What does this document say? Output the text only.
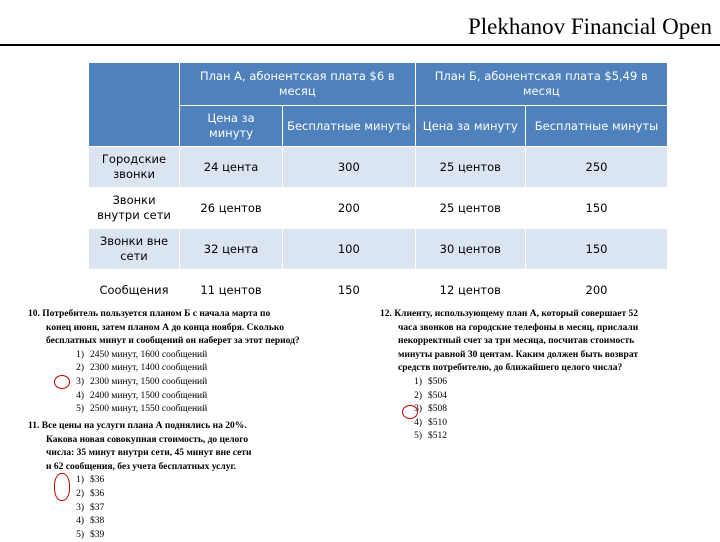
Plekhanov Financial Open
	План А, абонентская плата $6 в месяц		План Б, абонентская плата $5,49 в месяц	
	Цена за минуту	Бесплатные минуты	Цена за минуту	Бесплатные минуты
Городские звонки	24 цента	300	25 центов	250
Звонки внутри сети	26 центов	200	25 центов	150
Звонки вне сети	32 цента	100	30 центов	150
Сообщения	11 центов	150	12 центов	200
10. Потребитель пользуется планом Б с начала марта по
конец июня, затем планом А до конца ноября. Сколько
бесплатных минут и сообщений он наберет за этот период?
1) 2450 минут, 1600 сообщений
2) 2300 минут, 1400 сообщений
3) 2300 минут, 1500 сообщений
4) 2400 минут, 1500 сообщений
5) 2500 минут, 1550 сообщений
11. Все цены на услуги плана А поднялись на 20%.
Какова новая совокупная стоимость, до целого
числа: 35 минут внутри сети, 45 минут вне сети
и 62 сообщения, без учета бесплатных услуг.
1) $36
2) $36
3) $37
4) $38
5) $39
12. Клиенту, использующему план А, который совершает 52
часа звонков на городские телефоны в месяц, прислали
некорректный счет за три месяца, посчитав стоимость
минуты равной 30 центам. Каким должен быть возврат
средств потребителю, до ближайшего целого числа?
1) $506
2) $504
3) $508
4) $510
5) $512
